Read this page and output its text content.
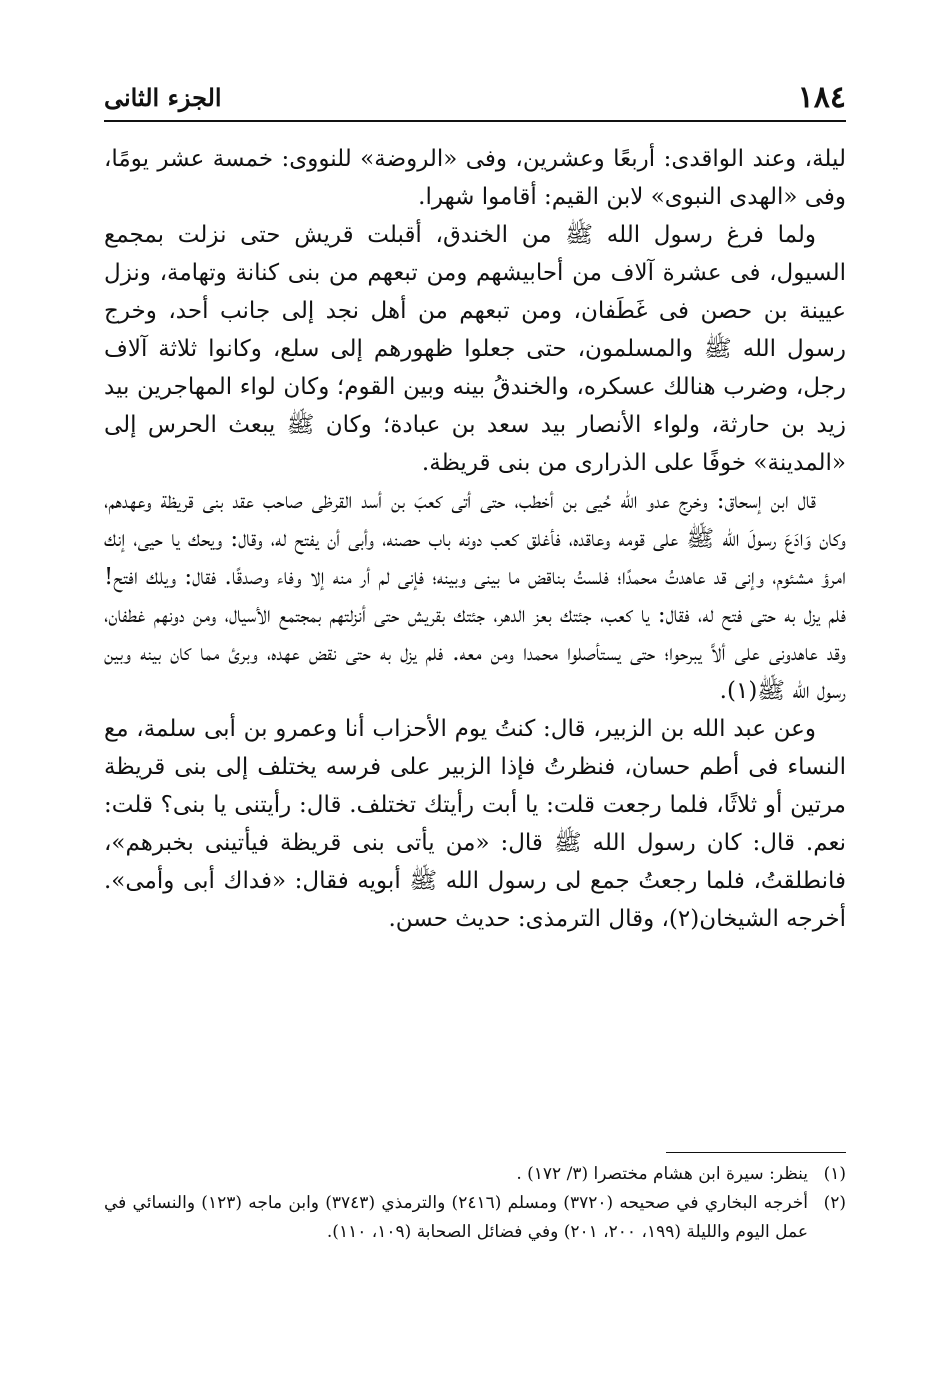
١٨٤
الجزء الثانى

ليلة، وعند الواقدى: أربعًا وعشرين، وفى «الروضة» للنووى: خمسة عشر يومًا، وفى «الهدى النبوى» لابن القيم: أقاموا شهرا.

ولما فرغ رسول الله ﷺ من الخندق، أقبلت قريش حتى نزلت بمجمع السيول، فى عشرة آلاف من أحابيشهم ومن تبعهم من بنى كنانة وتهامة، ونزل عيينة بن حصن فى غَطَفان، ومن تبعهم من أهل نجد إلى جانب أحد، وخرج رسول الله ﷺ والمسلمون، حتى جعلوا ظهورهم إلى سلع، وكانوا ثلاثة آلاف رجل، وضرب هنالك عسكره، والخندقُ بينه وبين القوم؛ وكان لواء المهاجرين بيد زيد بن حارثة، ولواء الأنصار بيد سعد بن عبادة؛ وكان ﷺ يبعث الحرس إلى «المدينة» خوفًا على الذرارى من بنى قريظة.

قال ابن إسحاق: وخرج عدو الله حُيى بن أخطب، حتى أتى كعبَ بن أسد القرظى صاحب عقد بنى قريظة وعهدهم، وكان وَادَعَ رسولَ الله ﷺ على قومه وعاقده، فأغلق كعب دونه باب حصنه، وأبى أن يفتح له، وقال: ويحك يا حيى، إنك امرؤ مشئوم، وإنى قد عاهدتُ محمدًا؛ فلستُ بناقض ما بينى وبينه؛ فإنى لم أر منه إلا وفاء وصدقًا. فقال: ويلك افتح! فلم يزل به حتى فتح له، فقال: يا كعب، جئتك بعز الدهر، جئتك بقريش حتى أنزلتهم بمجتمع الأسيال، ومن دونهم غطفان، وقد عاهدونى على ألاَّ يبرحوا؛ حتى يستأصلوا محمدا ومن معه. فلم يزل به حتى نقض عهده، وبرئ مما كان بينه وبين رسول الله ﷺ(١).

وعن عبد الله بن الزبير، قال: كنتُ يوم الأحزاب أنا وعمرو بن أبى سلمة، مع النساء فى أطم حسان، فنظرتُ فإذا الزبير على فرسه يختلف إلى بنى قريظة مرتين أو ثلاثًا، فلما رجعت قلت: يا أبت رأيتك تختلف. قال: رأيتنى يا بنى؟ قلت: نعم. قال: كان رسول الله ﷺ قال: «من يأتى بنى قريظة فيأتينى بخبرهم»، فانطلقتُ، فلما رجعتُ جمع لى رسول الله ﷺ أبويه فقال: «فداك أبى وأمى». أخرجه الشيخان(٢)، وقال الترمذى: حديث حسن.

(١)
ينظر: سيرة ابن هشام مختصرا (٣/ ١٧٢) .
(٢)
أخرجه البخاري في صحيحه (٣٧٢٠) ومسلم (٢٤١٦) والترمذي (٣٧٤٣) وابن ماجه (١٢٣) والنسائي في عمل اليوم والليلة (١٩٩، ٢٠٠، ٢٠١) وفي فضائل الصحابة (١٠٩، ١١٠).
